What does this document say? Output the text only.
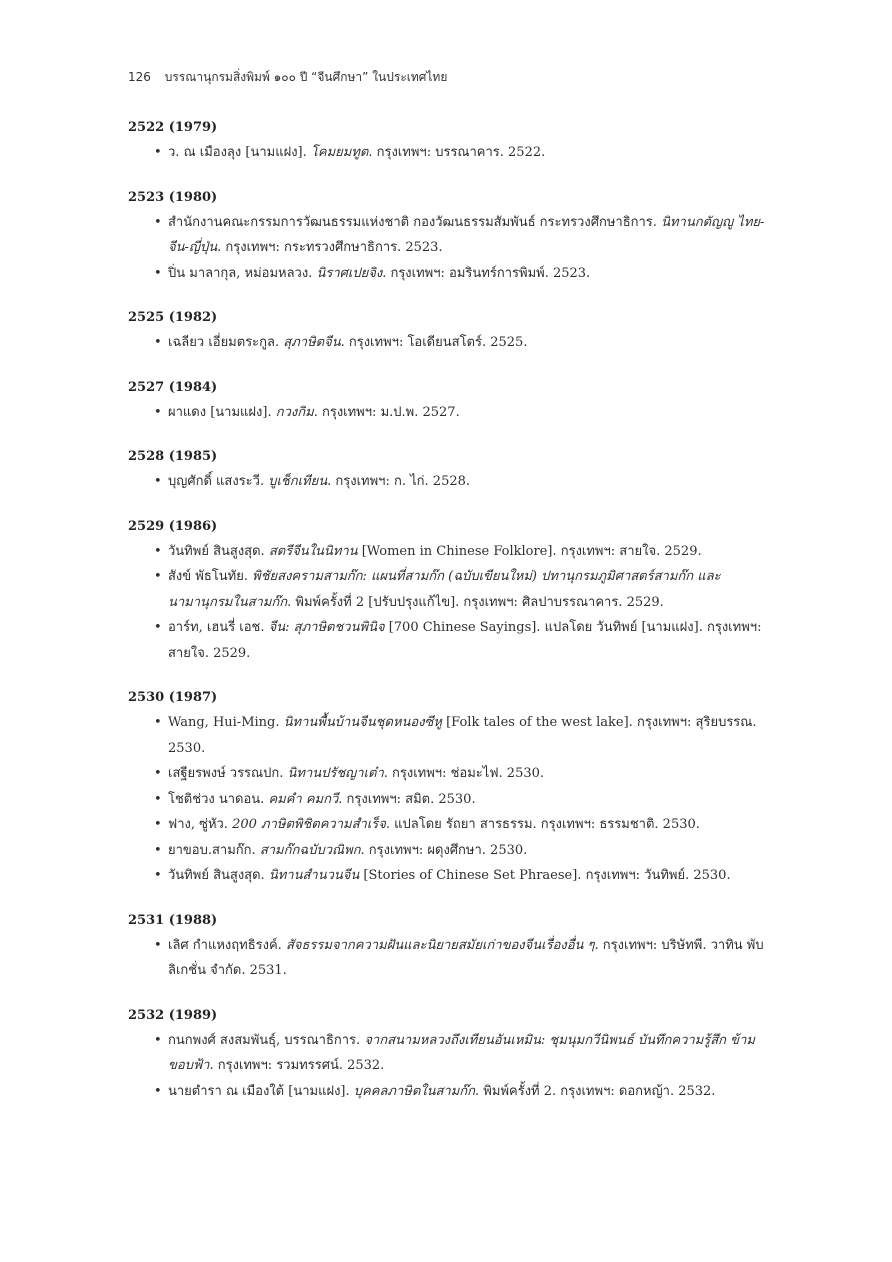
126 บรรณานุกรมสิ่งพิมพ์ ๑๐๐ ปี “จีนศึกษา” ในประเทศไทย
2522 (1979)
• ว. ณ เมืองลุง [นามแฝง]. โคมยมทูต. กรุงเทพฯ: บรรณาคาร. 2522.
2523 (1980)
• สำนักงานคณะกรรมการวัฒนธรรมแห่งชาติ กองวัฒนธรรมสัมพันธ์ กระทรวงศึกษาธิการ. นิทานกตัญญู ไทย-จีน-ญี่ปุ่น. กรุงเทพฯ: กระทรวงศึกษาธิการ. 2523.
• ปิ่น มาลากุล, หม่อมหลวง. นิราศเปยจิง. กรุงเทพฯ: อมรินทร์การพิมพ์. 2523.
2525 (1982)
• เฉลียว เอี่ยมตระกูล. สุภาษิตจีน. กรุงเทพฯ: โอเดียนสโตร์. 2525.
2527 (1984)
• ผาแดง [นามแฝง]. กวงกิม. กรุงเทพฯ: ม.ป.พ. 2527.
2528 (1985)
• บุญศักดิ์ แสงระวี. บูเช็กเทียน. กรุงเทพฯ: ก. ไก่. 2528.
2529 (1986)
• วันทิพย์ สินสูงสุด. สตรีจีนในนิทาน [Women in Chinese Folklore]. กรุงเทพฯ: สายใจ. 2529.
• สังข์ พัธโนทัย. พิชัยสงครามสามก๊ก: แผนที่สามก๊ก (ฉบับเขียนใหม่) ปทานุกรมภูมิศาสตร์สามก๊ก และ นามานุกรมในสามก๊ก. พิมพ์ครั้งที่ 2 [ปรับปรุงแก้ไข]. กรุงเทพฯ: ศิลปาบรรณาคาร. 2529.
• อาร์ท, เฮนรี่ เอช. จีน: สุภาษิตชวนพินิจ [700 Chinese Sayings]. แปลโดย วันทิพย์ [นามแฝง]. กรุงเทพฯ: สายใจ. 2529.
2530 (1987)
• Wang, Hui-Ming. นิทานพื้นบ้านจีนชุดหนองซีหู [Folk tales of the west lake]. กรุงเทพฯ: สุริยบรรณ. 2530.
• เสฐียรพงษ์ วรรณปก. นิทานปรัชญาเต๋า. กรุงเทพฯ: ช่อมะไฟ. 2530.
• โชติช่วง นาดอน. คมคำ คมกวี. กรุงเทพฯ: สมิต. 2530.
• ฟาง, ซู่หัว. 200 ภาษิตพิชิตความสำเร็จ. แปลโดย รัถยา สารธรรม. กรุงเทพฯ: ธรรมชาติ. 2530.
• ยาขอบ.สามก๊ก. สามก๊กฉบับวณิพก. กรุงเทพฯ: ผดุงศึกษา. 2530.
• วันทิพย์ สินสูงสุด. นิทานสำนวนจีน [Stories of Chinese Set Phraese]. กรุงเทพฯ: วันทิพย์. 2530.
2531 (1988)
• เลิศ กำแหงฤทธิรงค์. สัจธรรมจากความฝันและนิยายสมัยเก่าของจีนเรื่องอื่น ๆ. กรุงเทพฯ: บริษัทพี. วาทิน พับลิเกชั่น จำกัด. 2531.
2532 (1989)
• กนกพงศ์ สงสมพันธุ์, บรรณาธิการ. จากสนามหลวงถึงเทียนอันเหมิน: ชุมนุมกวีนิพนธ์ บันทึกความรู้สึก ข้ามขอบฟ้า. กรุงเทพฯ: รวมทรรศน์. 2532.
• นายตำรา ณ เมืองใต้ [นามแฝง]. บุคคลภาษิตในสามก๊ก. พิมพ์ครั้งที่ 2. กรุงเทพฯ: ดอกหญ้า. 2532.
